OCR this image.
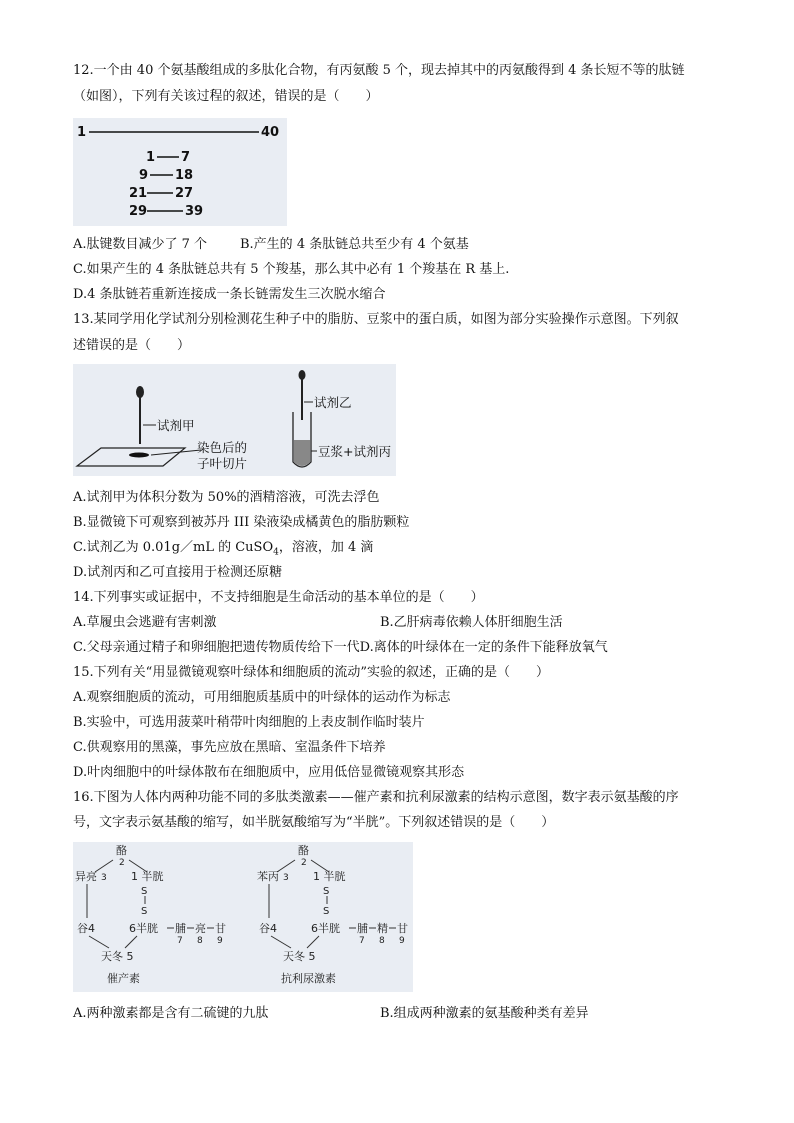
12.一个由 40 个氨基酸组成的多肽化合物，有丙氨酸 5 个，现去掉其中的丙氨酸得到 4 条长短不等的肽链
（如图），下列有关该过程的叙述，错误的是（　　）
1	40
1 7
9 18
21 27
29	39
A.肽键数目减少了 7 个	B.产生的 4 条肽链总共至少有 4 个氨基
C.如果产生的 4 条肽链总共有 5 个羧基，那么其中必有 1 个羧基在 R 基上.
D.4 条肽链若重新连接成一条长链需发生三次脱水缩合
13.某同学用化学试剂分别检测花生种子中的脂肪、豆浆中的蛋白质，如图为部分实验操作示意图。下列叙
述错误的是（　　）
试剂甲
染色后的
子叶切片
试剂乙
豆浆+试剂丙
A.试剂甲为体积分数为 50%的酒精溶液，可洗去浮色
B.显微镜下可观察到被苏丹 III 染液染成橘黄色的脂肪颗粒
C.试剂乙为 0.01g／mL 的 CuSO$_4$，溶液，加 4 滴
D.试剂丙和乙可直接用于检测还原糖
14.下列事实或证据中，不支持细胞是生命活动的基本单位的是（　　）
A.草履虫会逃避有害刺激	B.乙肝病毒依赖人体肝细胞生活
C.父母亲通过精子和卵细胞把遗传物质传给下一代D.离体的叶绿体在一定的条件下能释放氧气
15.下列有关“用显微镜观察叶绿体和细胞质的流动”实验的叙述，正确的是（　　）
A.观察细胞质的流动，可用细胞质基质中的叶绿体的运动作为标志
B.实验中，可选用菠菜叶稍带叶肉细胞的上表皮制作临时装片
C.供观察用的黑藻，事先应放在黑暗、室温条件下培养
D.叶肉细胞中的叶绿体散布在细胞质中，应用低倍显微镜观察其形态
16.下图为人体内两种功能不同的多肽类激素——催产素和抗利尿激素的结构示意图，数字表示氨基酸的序
号，文字表示氨基酸的缩写，如半胱氨酸缩写为“半胱”。下列叙述错误的是（　　）
酪
2
异亮 3 1 半胱
S
S
谷4	6半胱 脯 亮 甘
7 8 9
天冬 5
催产素
酪
2
苯丙 3 1 半胱
S
S
谷4	6半胱 脯 精 甘
7 8 9
天冬 5
抗利尿激素
A.两种激素都是含有二硫键的九肽	B.组成两种激素的氨基酸种类有差异
